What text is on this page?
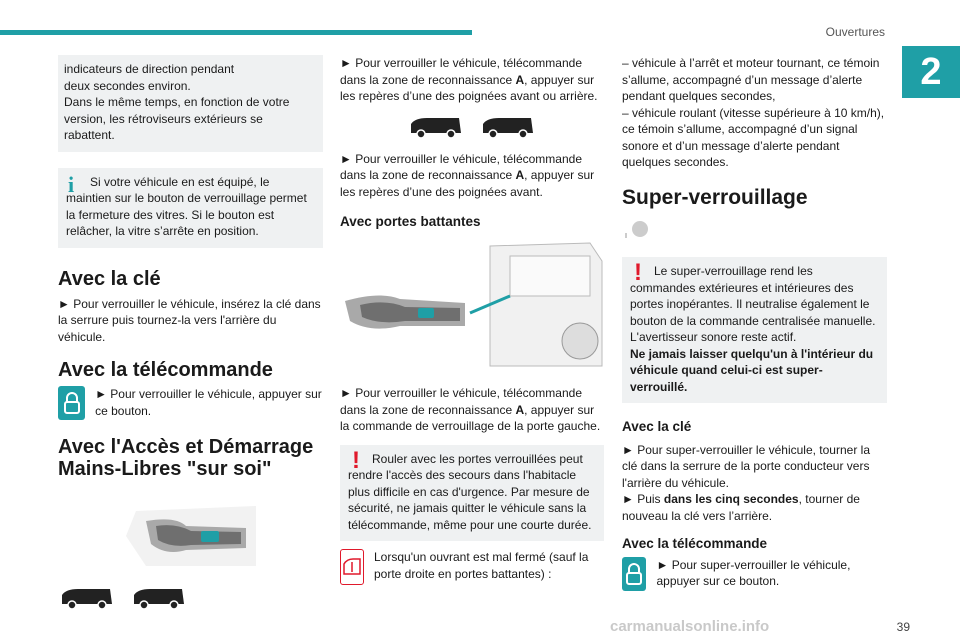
Ouvertures
2
39
carmanualsonline.info
indicateurs de direction pendant
deux secondes environ.
Dans le même temps, en fonction de votre
version, les rétroviseurs extérieurs se
rabattent.
i	Si votre véhicule en est équipé, le maintien sur le bouton de verrouillage permet la fermeture des vitres. Si le bouton est relâcher, la vitre s’arrête en position.

Avec la clé

► Pour verrouiller le véhicule, insérez la clé dans la serrure puis tournez-la vers l'arrière du véhicule.

Avec la télécommande

► Pour verrouiller le véhicule, appuyer sur ce bouton.

Avec l'Accès et Démarrage
Mains-Libres "sur soi"

► Pour verrouiller le véhicule, télécommande dans la zone de reconnaissance A, appuyer sur les repères d’une des poignées avant ou arrière.

► Pour verrouiller le véhicule, télécommande dans la zone de reconnaissance A, appuyer sur les repères d’une des poignées avant.

Avec portes battantes

► Pour verrouiller le véhicule, télécommande dans la zone de reconnaissance A, appuyer sur la commande de verrouillage de la porte gauche.

!	Rouler avec les portes verrouillées peut rendre l'accès des secours dans l'habitacle plus difficile en cas d'urgence. Par mesure de sécurité, ne jamais quitter le véhicule sans la télécommande, même pour une courte durée.

Lorsqu'un ouvrant est mal fermé (sauf la porte droite en portes battantes) :

– véhicule à l’arrêt et moteur tournant, ce témoin s’allume, accompagné d’un message d’alerte pendant quelques secondes,
– véhicule roulant (vitesse supérieure à 10 km/h), ce témoin s’allume, accompagné d’un signal sonore et d’un message d’alerte pendant quelques secondes.

Super-verrouillage
!	Le super-verrouillage rend les commandes extérieures et intérieures des portes inopérantes. Il neutralise également le bouton de la commande centralisée manuelle.
L'avertisseur sonore reste actif.

Ne jamais laisser quelqu'un à l'intérieur du véhicule quand celui-ci est super-verrouillé.

Avec la clé

► Pour super-verrouiller le véhicule, tourner la clé dans la serrure de la porte conducteur vers l'arrière du véhicule.

► Puis dans les cinq secondes, tourner de nouveau la clé vers l’arrière.

Avec la télécommande

► Pour super-verrouiller le véhicule, appuyer sur ce bouton.
